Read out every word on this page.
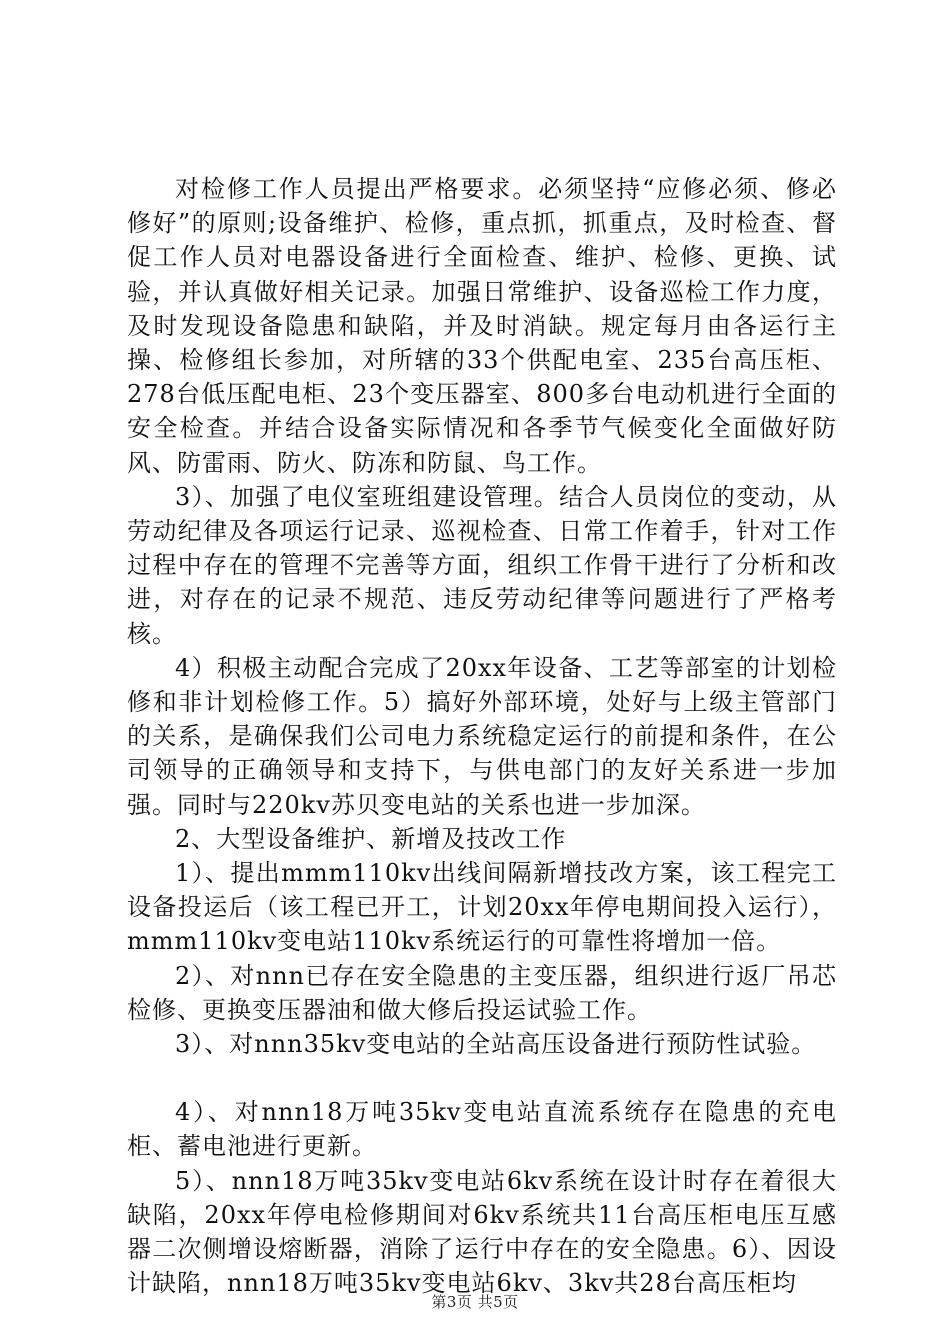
对检修工作人员提出严格要求。必须坚持“应修必须、修必修好”的原则;设备维护、检修，重点抓，抓重点，及时检查、督促工作人员对电器设备进行全面检查、维护、检修、更换、试验，并认真做好相关记录。加强日常维护、设备巡检工作力度，及时发现设备隐患和缺陷，并及时消缺。规定每月由各运行主操、检修组长参加，对所辖的33个供配电室、235台高压柜、278台低压配电柜、23个变压器室、800多台电动机进行全面的安全检查。并结合设备实际情况和各季节气候变化全面做好防风、防雷雨、防火、防冻和防鼠、鸟工作。

3）、加强了电仪室班组建设管理。结合人员岗位的变动，从劳动纪律及各项运行记录、巡视检查、日常工作着手，针对工作过程中存在的管理不完善等方面，组织工作骨干进行了分析和改进，对存在的记录不规范、违反劳动纪律等问题进行了严格考核。

4）积极主动配合完成了20xx年设备、工艺等部室的计划检修和非计划检修工作。5）搞好外部环境，处好与上级主管部门的关系，是确保我们公司电力系统稳定运行的前提和条件，在公司领导的正确领导和支持下，与供电部门的友好关系进一步加强。同时与220kv苏贝变电站的关系也进一步加深。

2、大型设备维护、新增及技改工作

1）、提出mmm110kv出线间隔新增技改方案，该工程完工设备投运后（该工程已开工，计划20xx年停电期间投入运行），mmm110kv变电站110kv系统运行的可靠性将增加一倍。

2）、对nnn已存在安全隐患的主变压器，组织进行返厂吊芯检修、更换变压器油和做大修后投运试验工作。

3）、对nnn35kv变电站的全站高压设备进行预防性试验。

4）、对nnn18万吨35kv变电站直流系统存在隐患的充电柜、蓄电池进行更新。

5）、nnn18万吨35kv变电站6kv系统在设计时存在着很大缺陷，20xx年停电检修期间对6kv系统共11台高压柜电压互感器二次侧增设熔断器，消除了运行中存在的安全隐患。6）、因设计缺陷，nnn18万吨35kv变电站6kv、3kv共28台高压柜均

第3页 共5页
